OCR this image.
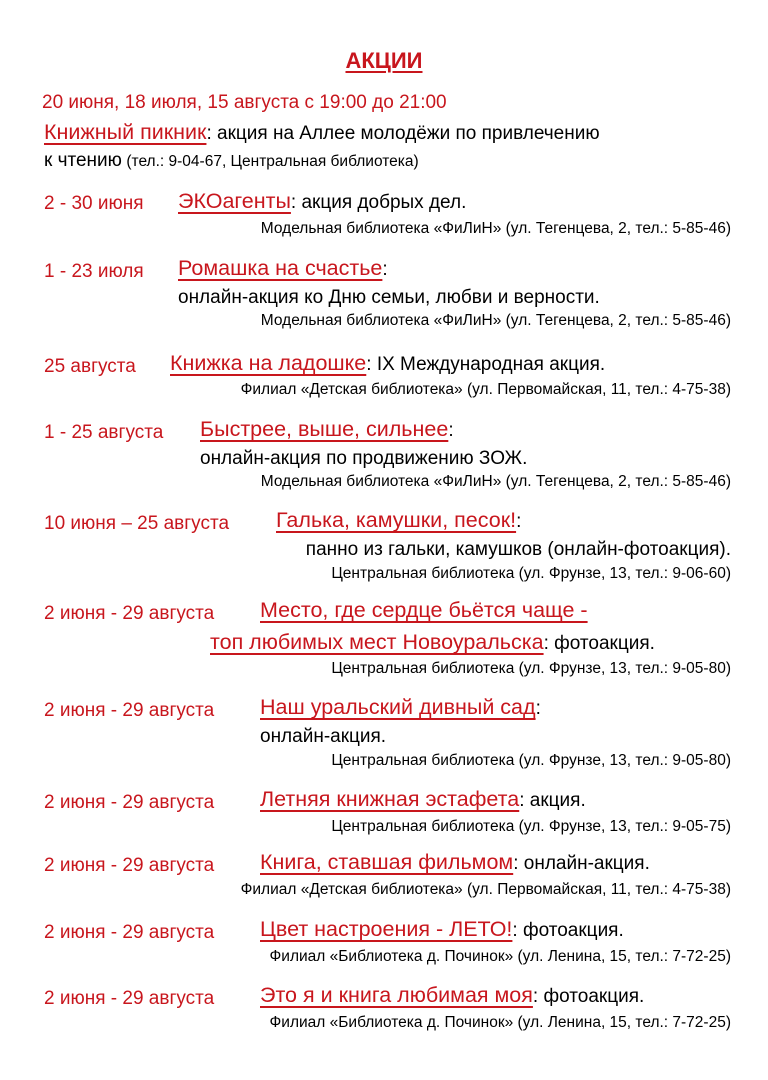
АКЦИИ
20 июня, 18 июля, 15 августа с 19:00 до 21:00
Книжный пикник: акция на Аллее молодёжи по привлечению
к чтению (тел.: 9-04-67, Центральная библиотека)
2 - 30 июня ЭКОагенты: акция добрых дел.
Модельная библиотека «ФиЛиН» (ул. Тегенцева, 2, тел.: 5-85-46)
1 - 23 июля Ромашка на счастье:
онлайн-акция ко Дню семьи, любви и верности.
Модельная библиотека «ФиЛиН» (ул. Тегенцева, 2, тел.: 5-85-46)
25 августа Книжка на ладошке: IX Международная акция.
Филиал «Детская библиотека» (ул. Первомайская, 11, тел.: 4-75-38)
1 - 25 августа Быстрее, выше, сильнее:
онлайн-акция по продвижению ЗОЖ.
Модельная библиотека «ФиЛиН» (ул. Тегенцева, 2, тел.: 5-85-46)
10 июня – 25 августа Галька, камушки, песок!:
панно из гальки, камушков (онлайн-фотоакция).
Центральная библиотека (ул. Фрунзе, 13, тел.: 9-06-60)
2 июня - 29 августа Место, где сердце бьётся чаще -
топ любимых мест Новоуральска: фотоакция.
Центральная библиотека (ул. Фрунзе, 13, тел.: 9-05-80)
2 июня - 29 августа Наш уральский дивный сад:
онлайн-акция.
Центральная библиотека (ул. Фрунзе, 13, тел.: 9-05-80)
2 июня - 29 августа Летняя книжная эстафета: акция.
Центральная библиотека (ул. Фрунзе, 13, тел.: 9-05-75)
2 июня - 29 августа Книга, ставшая фильмом: онлайн-акция.
Филиал «Детская библиотека» (ул. Первомайская, 11, тел.: 4-75-38)
2 июня - 29 августа Цвет настроения - ЛЕТО!: фотоакция.
Филиал «Библиотека д. Починок» (ул. Ленина, 15, тел.: 7-72-25)
2 июня - 29 августа Это я и книга любимая моя: фотоакция.
Филиал «Библиотека д. Починок» (ул. Ленина, 15, тел.: 7-72-25)
